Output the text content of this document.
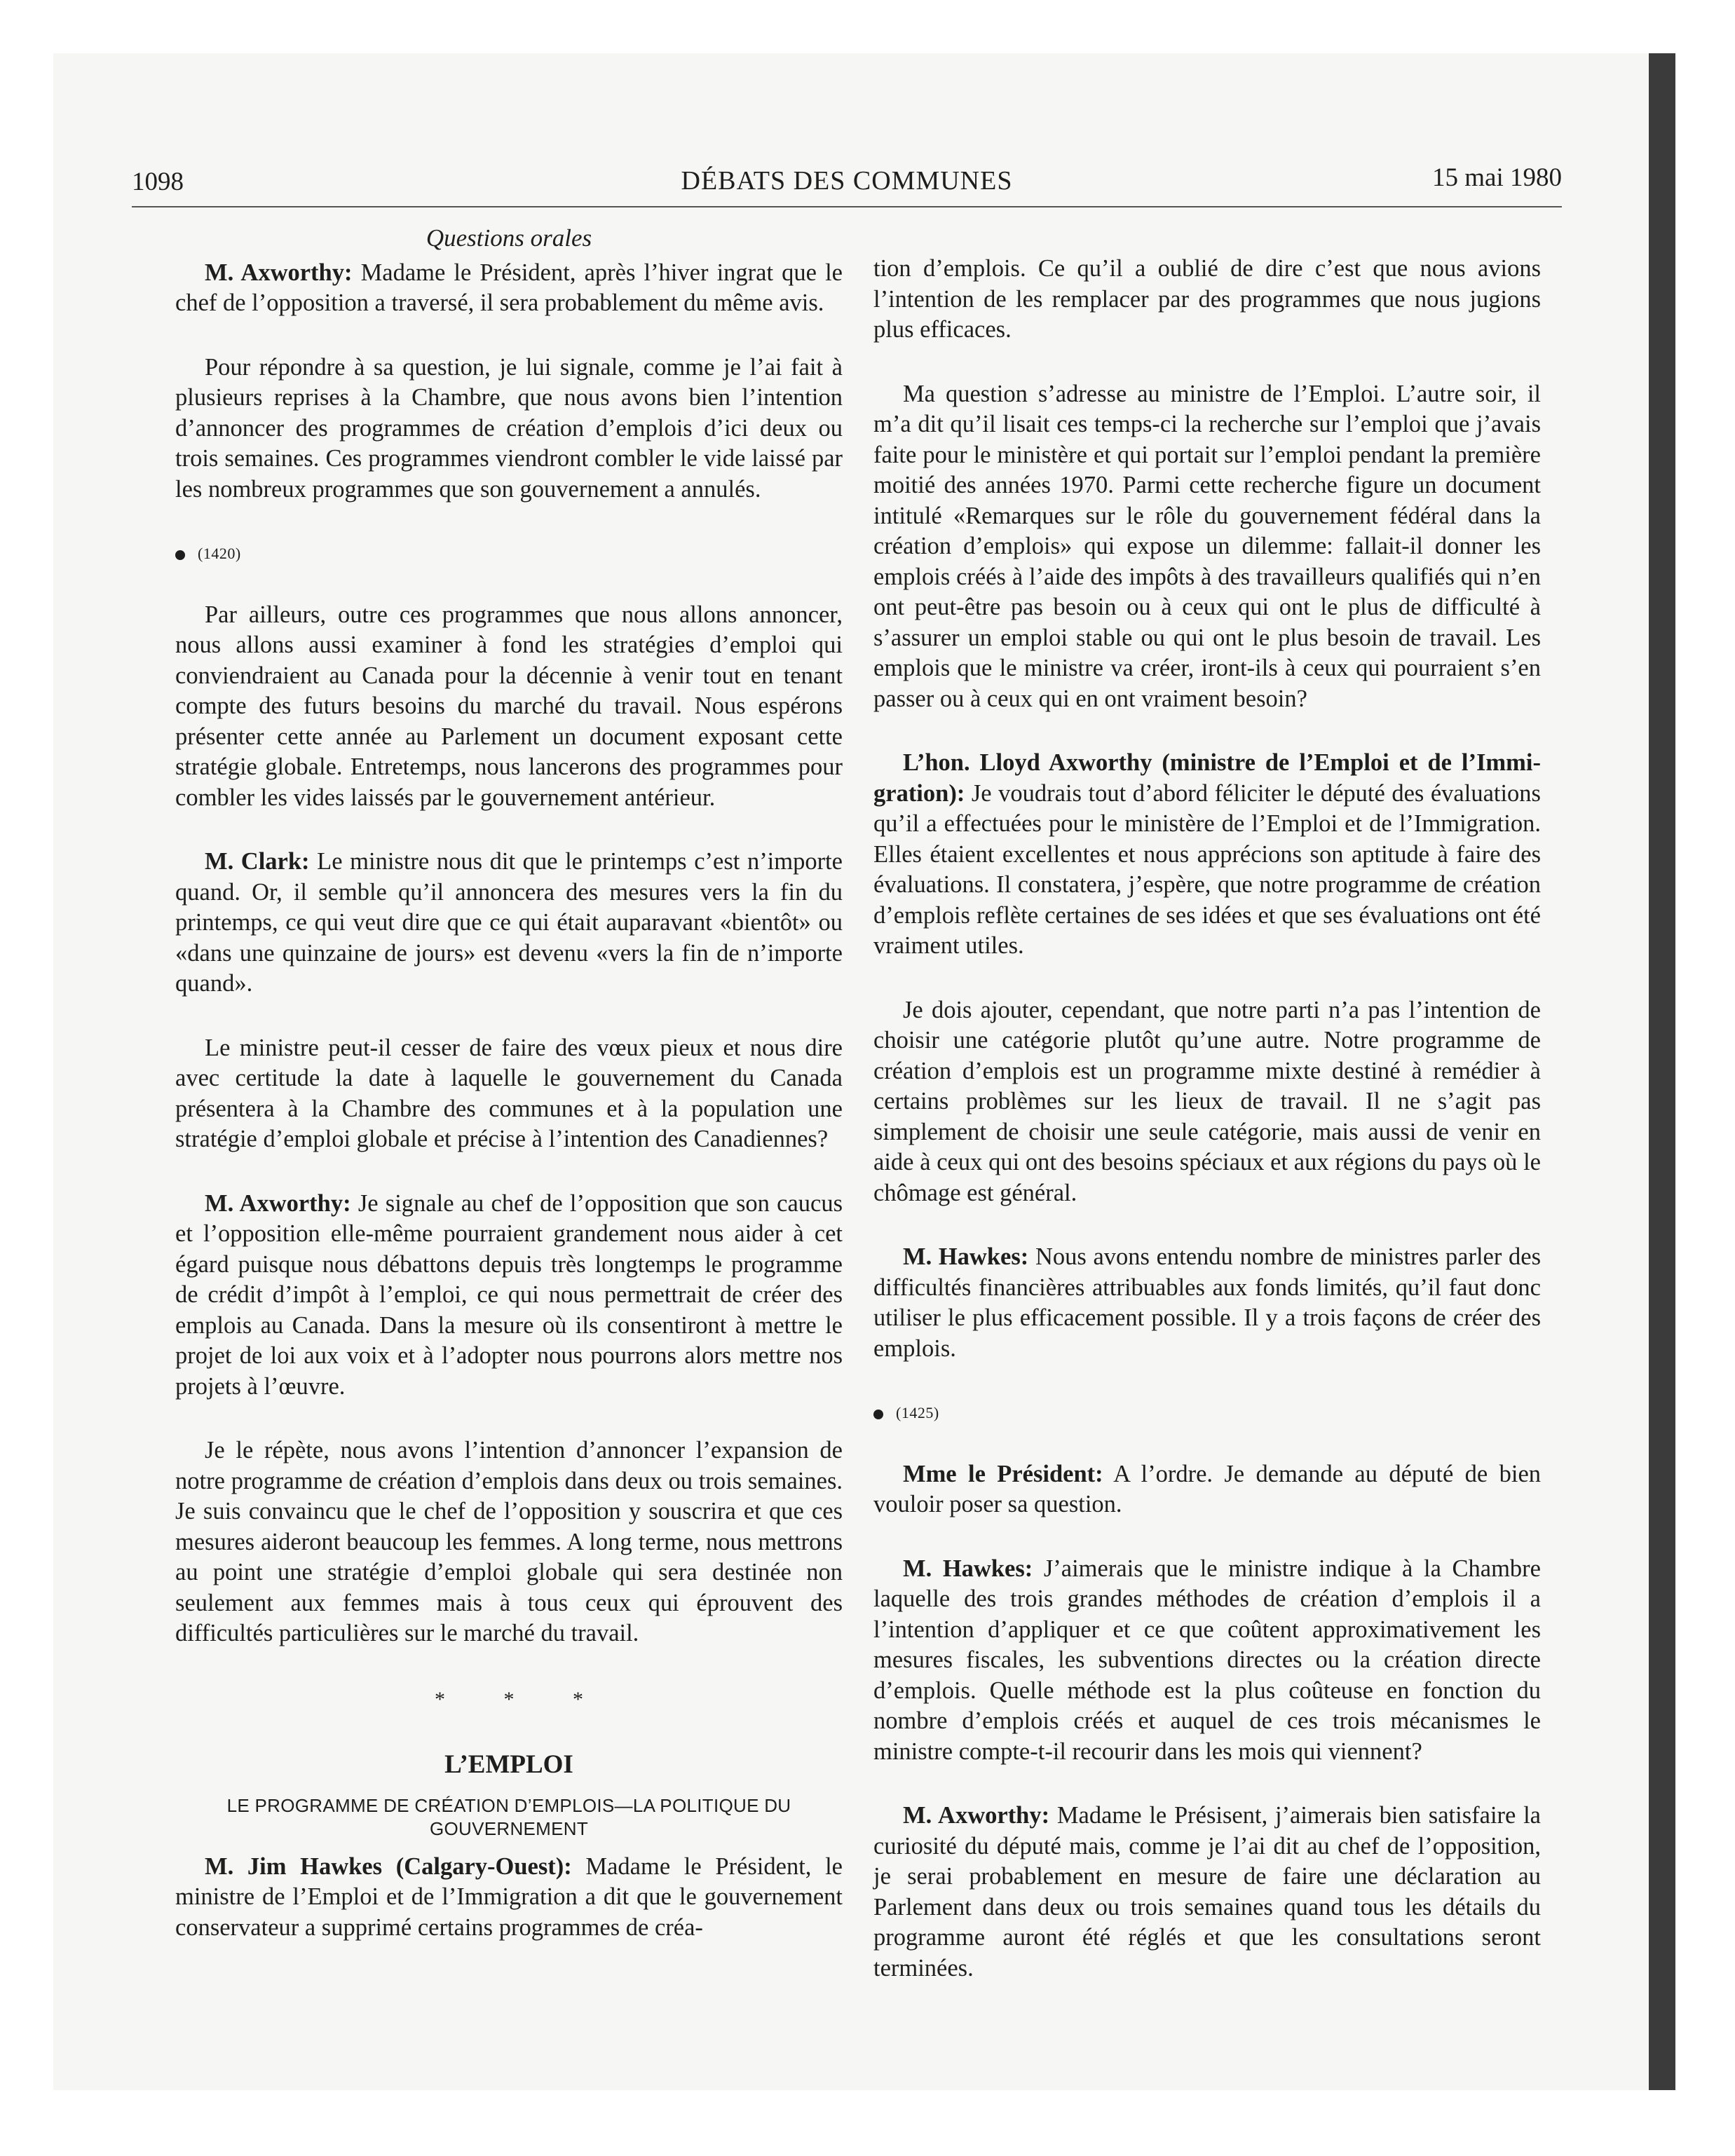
1098	DÉBATS DES COMMUNES	15 mai 1980
Questions orales

M. Axworthy: Madame le Président, après l’hiver ingrat que le chef de l’opposition a traversé, il sera probablement du même avis.

Pour répondre à sa question, je lui signale, comme je l’ai fait à plusieurs reprises à la Chambre, que nous avons bien l’intention d’annoncer des programmes de création d’emplois d’ici deux ou trois semaines. Ces programmes viendront combler le vide laissé par les nombreux programmes que son gouvernement a annulés.

(1420)

Par ailleurs, outre ces programmes que nous allons annoncer, nous allons aussi examiner à fond les stratégies d’emploi qui conviendraient au Canada pour la décennie à venir tout en tenant compte des futurs besoins du marché du travail. Nous espérons présenter cette année au Parlement un document exposant cette stratégie globale. Entretemps, nous lancerons des programmes pour combler les vides laissés par le gouvernement antérieur.

M. Clark: Le ministre nous dit que le printemps c’est n’importe quand. Or, il semble qu’il annoncera des mesures vers la fin du printemps, ce qui veut dire que ce qui était auparavant «bientôt» ou «dans une quinzaine de jours» est devenu «vers la fin de n’importe quand».

Le ministre peut-il cesser de faire des vœux pieux et nous dire avec certitude la date à laquelle le gouvernement du Canada présentera à la Chambre des communes et à la population une stratégie d’emploi globale et précise à l’intention des Canadiennes?

M. Axworthy: Je signale au chef de l’opposition que son caucus et l’opposition elle-même pourraient grandement nous aider à cet égard puisque nous débattons depuis très longtemps le programme de crédit d’impôt à l’emploi, ce qui nous permettrait de créer des emplois au Canada. Dans la mesure où ils consentiront à mettre le projet de loi aux voix et à l’adopter nous pourrons alors mettre nos projets à l’œuvre.

Je le répète, nous avons l’intention d’annoncer l’expansion de notre programme de création d’emplois dans deux ou trois semaines. Je suis convaincu que le chef de l’opposition y souscrira et que ces mesures aideront beaucoup les femmes. A long terme, nous mettrons au point une stratégie d’emploi globale qui sera destinée non seulement aux femmes mais à tous ceux qui éprouvent des difficultés particulières sur le marché du travail.

* * *
L’EMPLOI
LE PROGRAMME DE CRÉATION D’EMPLOIS—LA POLITIQUE DU GOUVERNEMENT

M. Jim Hawkes (Calgary-Ouest): Madame le Président, le ministre de l’Emploi et de l’Immigration a dit que le gouvernement conservateur a supprimé certains programmes de créa-

tion d’emplois. Ce qu’il a oublié de dire c’est que nous avions l’intention de les remplacer par des programmes que nous jugions plus efficaces.

Ma question s’adresse au ministre de l’Emploi. L’autre soir, il m’a dit qu’il lisait ces temps-ci la recherche sur l’emploi que j’avais faite pour le ministère et qui portait sur l’emploi pendant la première moitié des années 1970. Parmi cette recherche figure un document intitulé «Remarques sur le rôle du gouvernement fédéral dans la création d’emplois» qui expose un dilemme: fallait-il donner les emplois créés à l’aide des impôts à des travailleurs qualifiés qui n’en ont peut-être pas besoin ou à ceux qui ont le plus de difficulté à s’assurer un emploi stable ou qui ont le plus besoin de travail. Les emplois que le ministre va créer, iront-ils à ceux qui pourraient s’en passer ou à ceux qui en ont vraiment besoin?

L’hon. Lloyd Axworthy (ministre de l’Emploi et de l’Immigration): Je voudrais tout d’abord féliciter le député des évaluations qu’il a effectuées pour le ministère de l’Emploi et de l’Immigration. Elles étaient excellentes et nous apprécions son aptitude à faire des évaluations. Il constatera, j’espère, que notre programme de création d’emplois reflète certaines de ses idées et que ses évaluations ont été vraiment utiles.

Je dois ajouter, cependant, que notre parti n’a pas l’intention de choisir une catégorie plutôt qu’une autre. Notre programme de création d’emplois est un programme mixte destiné à remédier à certains problèmes sur les lieux de travail. Il ne s’agit pas simplement de choisir une seule catégorie, mais aussi de venir en aide à ceux qui ont des besoins spéciaux et aux régions du pays où le chômage est général.

M. Hawkes: Nous avons entendu nombre de ministres parler des difficultés financières attribuables aux fonds limités, qu’il faut donc utiliser le plus efficacement possible. Il y a trois façons de créer des emplois.

(1425)

Mme le Président: A l’ordre. Je demande au député de bien vouloir poser sa question.

M. Hawkes: J’aimerais que le ministre indique à la Chambre laquelle des trois grandes méthodes de création d’emplois il a l’intention d’appliquer et ce que coûtent approximativement les mesures fiscales, les subventions directes ou la création directe d’emplois. Quelle méthode est la plus coûteuse en fonction du nombre d’emplois créés et auquel de ces trois mécanismes le ministre compte-t-il recourir dans les mois qui viennent?

M. Axworthy: Madame le Présisent, j’aimerais bien satisfaire la curiosité du député mais, comme je l’ai dit au chef de l’opposition, je serai probablement en mesure de faire une déclaration au Parlement dans deux ou trois semaines quand tous les détails du programme auront été réglés et que les consultations seront terminées.
